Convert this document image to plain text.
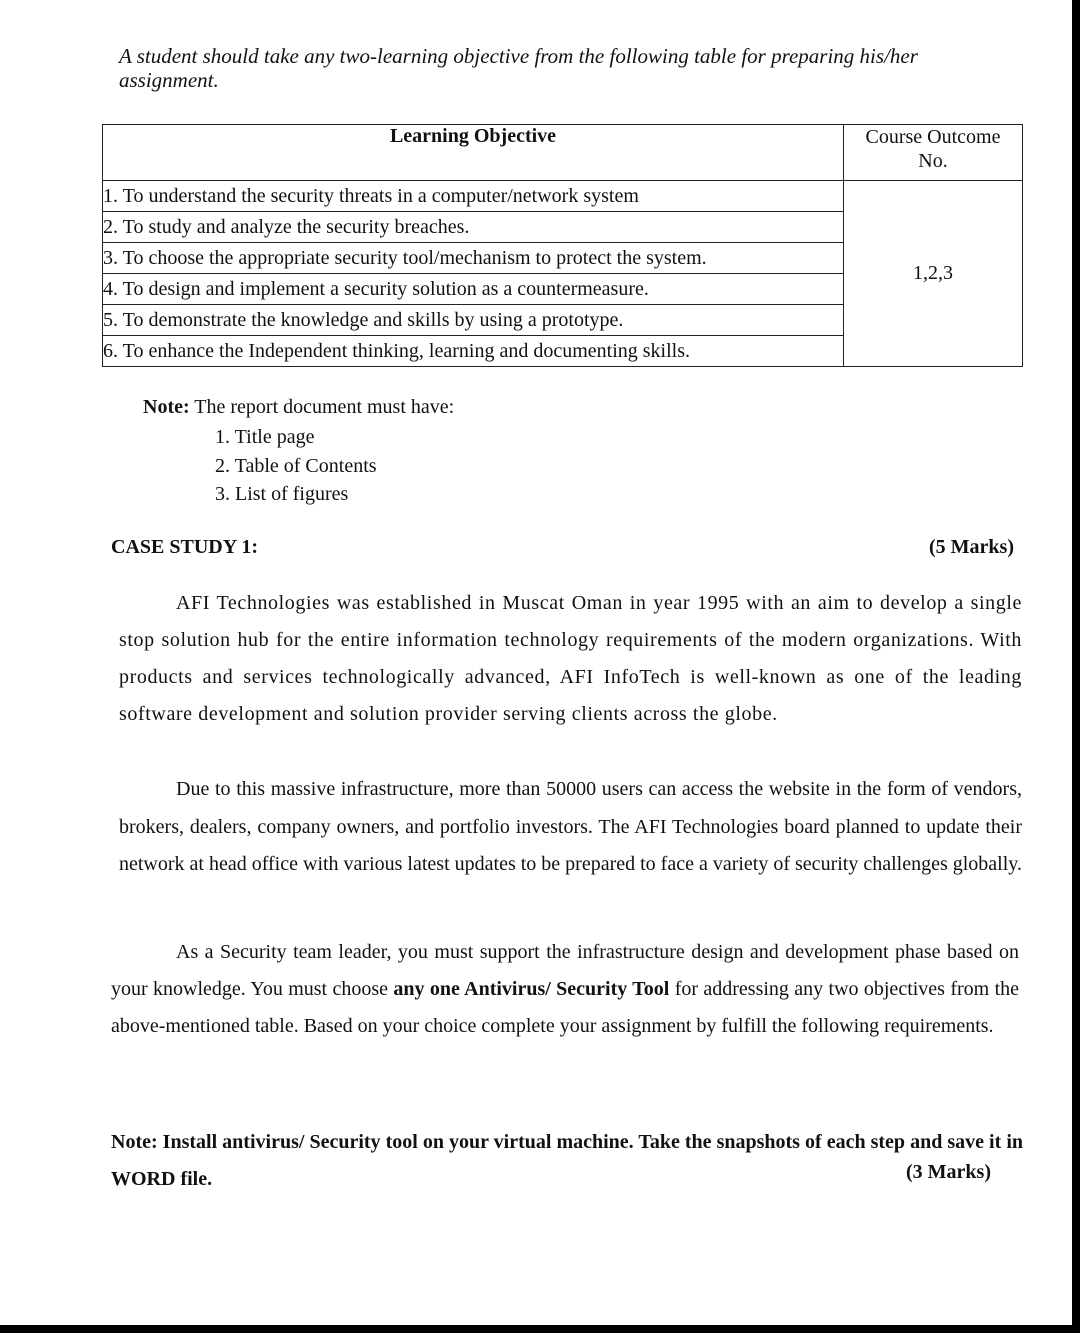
A student should take any two-learning objective from the following table for preparing his/her assignment.
Learning Objective	Course Outcome
No.
1. To understand the security threats in a computer/network system	1,2,3
2. To study and analyze the security breaches.	
3. To choose the appropriate security tool/mechanism to protect the system.	
4. To design and implement a security solution as a countermeasure.	
5. To demonstrate the knowledge and skills by using a prototype.	
6. To enhance the Independent thinking, learning and documenting skills.	
Note: The report document must have:
1. Title page
2. Table of Contents
3. List of figures
CASE STUDY 1:	(5 Marks)

AFI Technologies was established in Muscat Oman in year 1995 with an aim to develop a single stop solution hub for the entire information technology requirements of the modern organizations. With products and services technologically advanced, AFI InfoTech is well-known as one of the leading software development and solution provider serving clients across the globe.

Due to this massive infrastructure, more than 50000 users can access the website in the form of vendors, brokers, dealers, company owners, and portfolio investors. The AFI Technologies board planned to update their network at head office with various latest updates to be prepared to face a variety of security challenges globally.

As a Security team leader, you must support the infrastructure design and development phase based on your knowledge. You must choose any one Antivirus/ Security Tool for addressing any two objectives from the above-mentioned table. Based on your choice complete your assignment by fulfill the following requirements.

Note: Install antivirus/ Security tool on your virtual machine. Take the snapshots of each step and save it in WORD file.	(3 Marks)
